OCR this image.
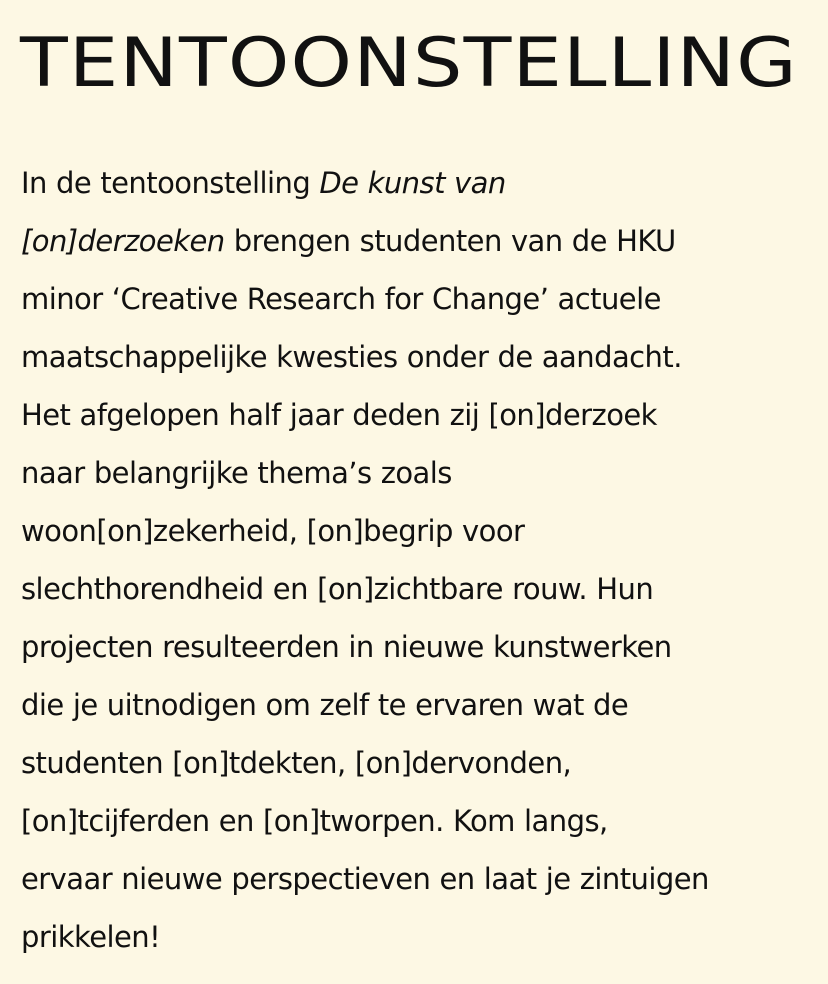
TENTOONSTELLING
In de tentoonstelling De kunst van
[on]derzoeken brengen studenten van de HKU
minor ‘Creative Research for Change’ actuele
maatschappelijke kwesties onder de aandacht.
Het afgelopen half jaar deden zij [on]derzoek
naar belangrijke thema’s zoals
woon[on]zekerheid, [on]begrip voor
slechthorendheid en [on]zichtbare rouw. Hun
projecten resulteerden in nieuwe kunstwerken
die je uitnodigen om zelf te ervaren wat de
studenten [on]tdekten, [on]dervonden,
[on]tcijferden en [on]tworpen. Kom langs,
ervaar nieuwe perspectieven en laat je zintuigen
prikkelen!
